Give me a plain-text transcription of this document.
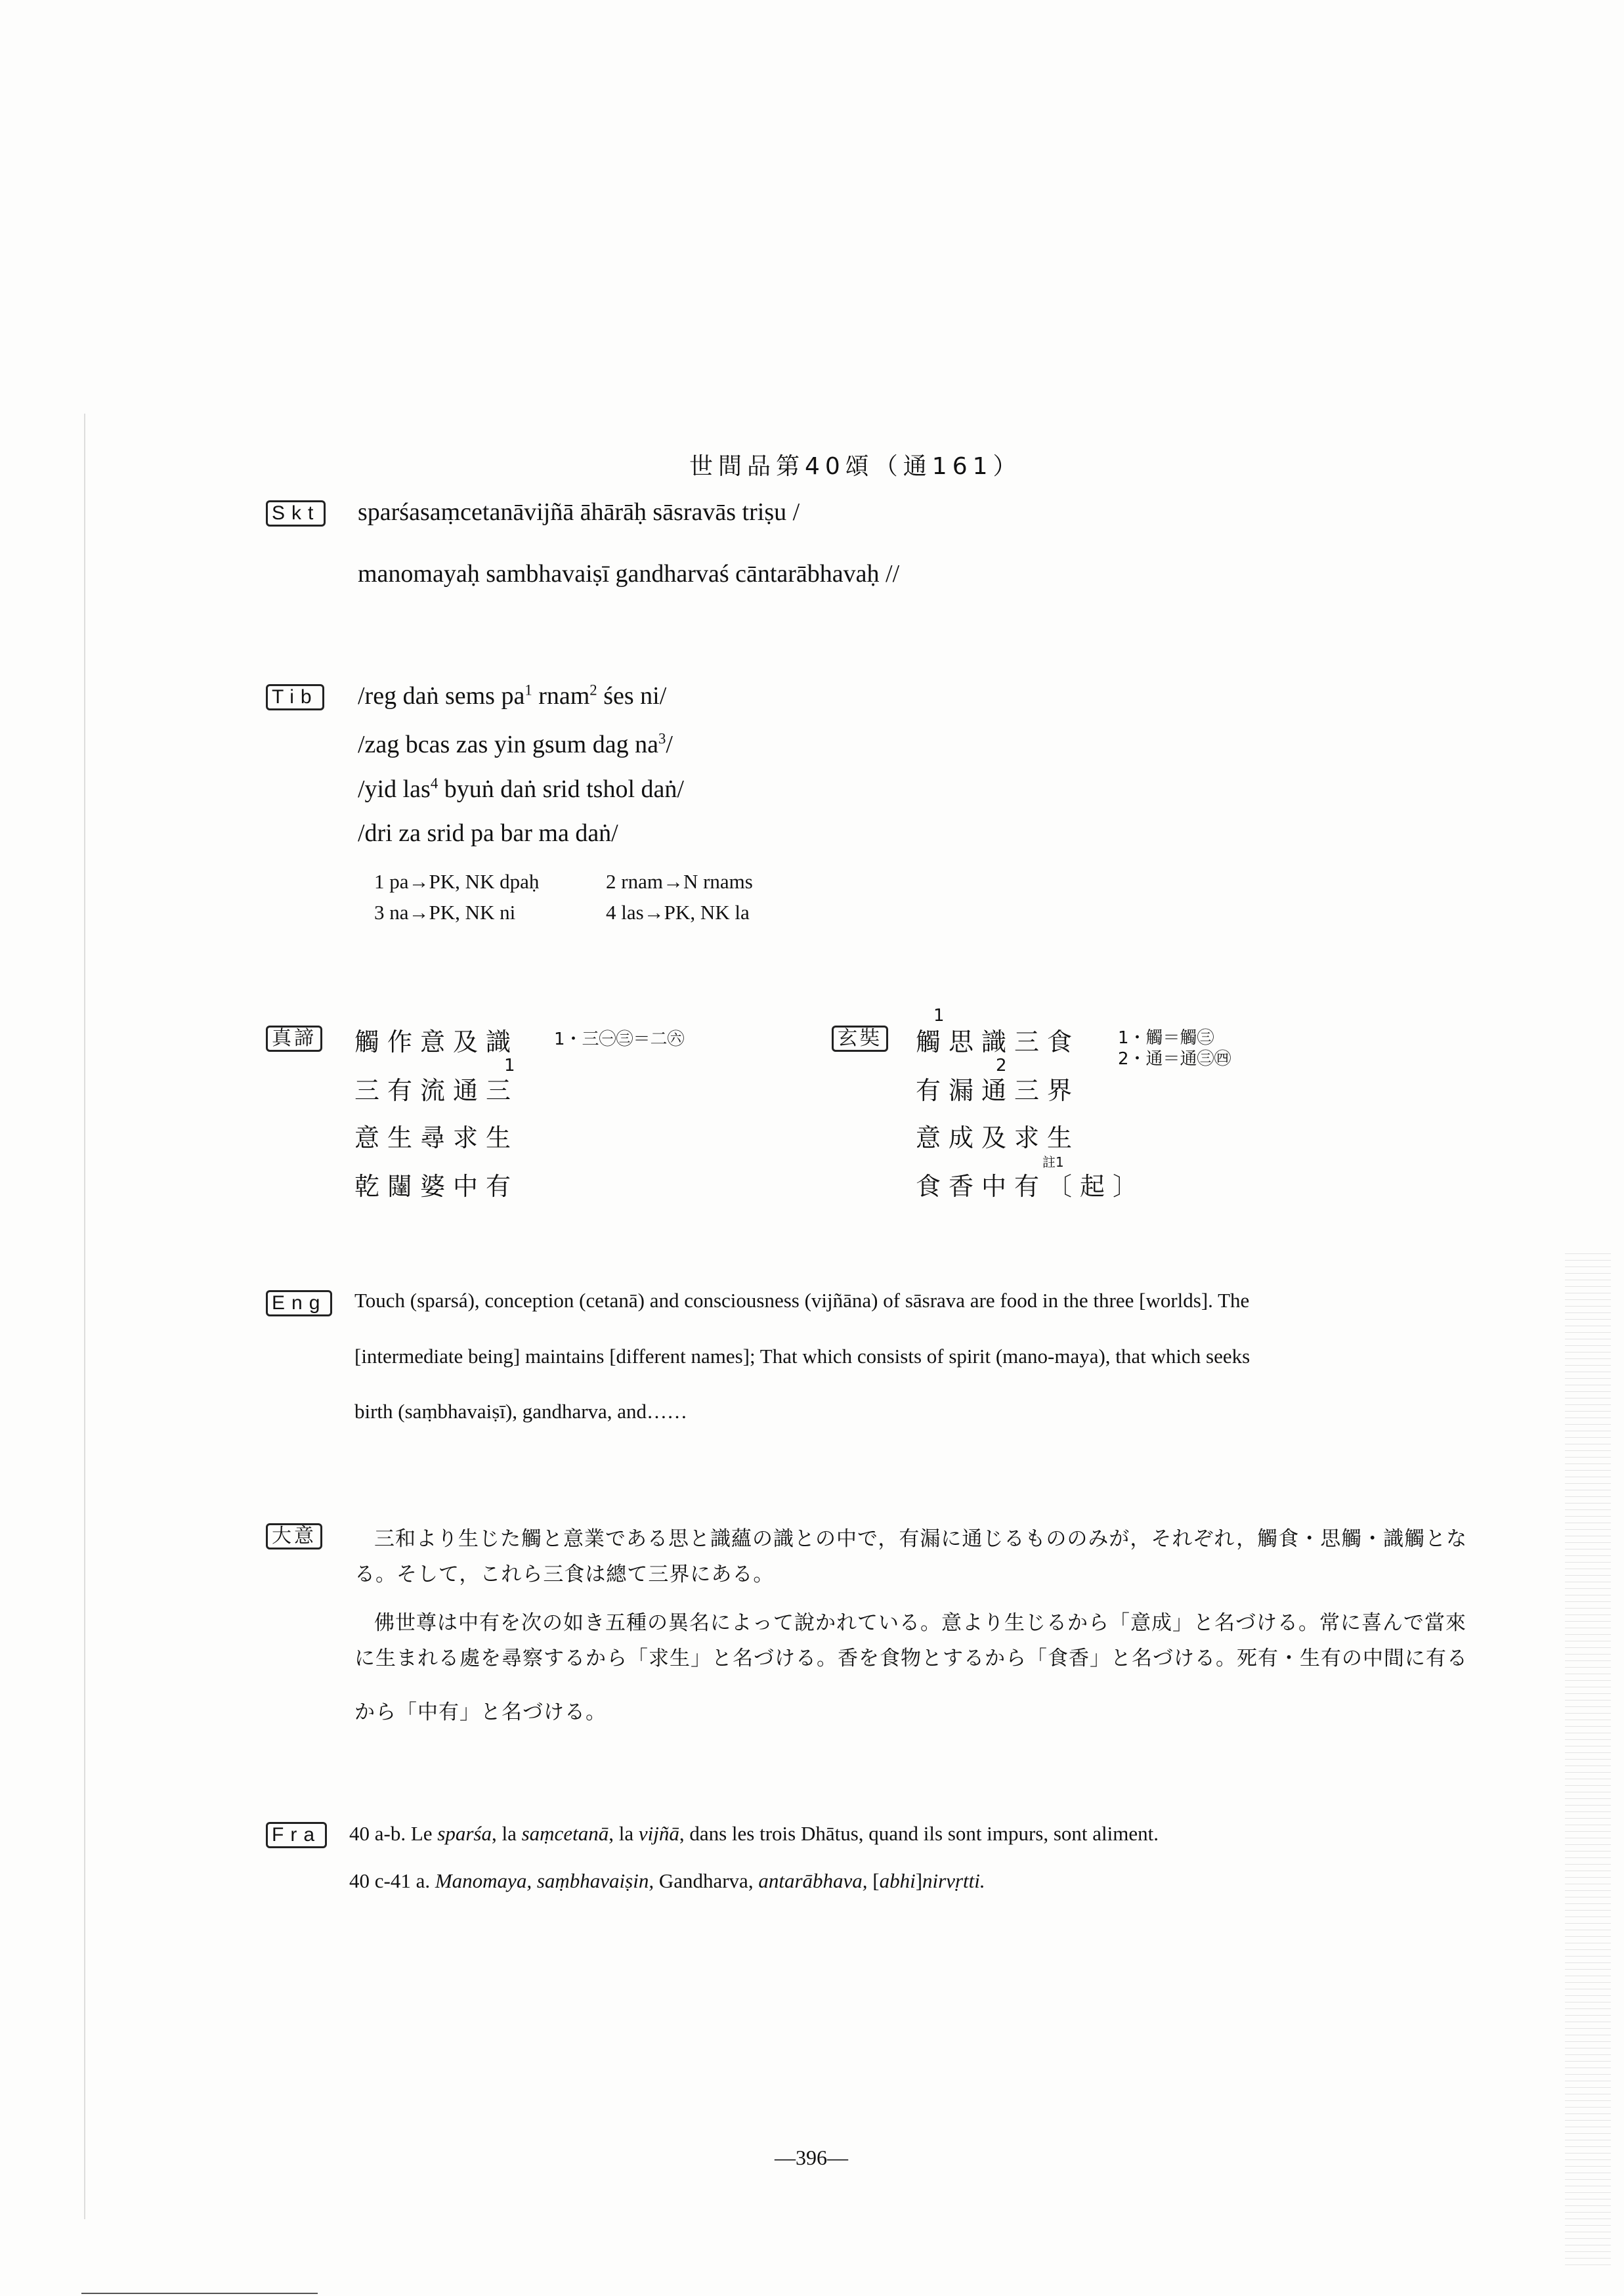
世間品第40頌（通161）
Skt sparśasaṃcetanāvijñā āhārāḥ sāsravās triṣu /
manomayaḥ sambhavaiṣī gandharvaś cāntarābhavaḥ //
Tib /reg daṅ sems $pa^1$ rnam$^2$ śes ni/
/zag bcas zas yin gsum dag $na^3/$
/yid las$^4$ byuṅ daṅ srid tshol daṅ/
/dri za srid pa bar ma daṅ/
1 pa→PK, NK dpaḥ	2 rnam→N rnams
3 na→PK, NK ni	4 las→PK, NK la
真諦 觸作意及識
三有流通三
1
意生尋求生
乾闥婆中有
1・三㊀㊂＝二㊅	玄奘
1
觸思識三食
2
有漏通三界
意成及求生
註1
食香中有〔起〕
1・觸＝觸㊂
2・通＝通㊂㊃
Eng Touch (sparsá), conception (cetanā) and consciousness (vijñāna) of sāsrava are food in the three [worlds]. The
[intermediate being] maintains [different names]; That which consists of spirit (mano-maya), that which seeks
birth (saṃbhavaiṣī), gandharva, and……
大意	三和より生じた觸と意業である思と識蘊の識との中で，有漏に通じるもののみが，それぞれ，觸食・思觸・識觸とな
る。そして，これら三食は總て三界にある。
佛世尊は中有を次の如き五種の異名によって說かれている。意より生じるから「意成」と名づける。常に喜んで當來
に生まれる處を尋察するから「求生」と名づける。香を食物とするから「食香」と名づける。死有・生有の中間に有る
から「中有」と名づける。
Fra 40 a-b. Le sparśa, la saṃcetanā, la vijñā, dans les trois Dhātus, quand ils sont impurs, sont aliment.
40 c-41 a. Manomaya, saṃbhavaiṣin, Gandharva, antarābhava, [abhi]nirvṛtti.
—396—
